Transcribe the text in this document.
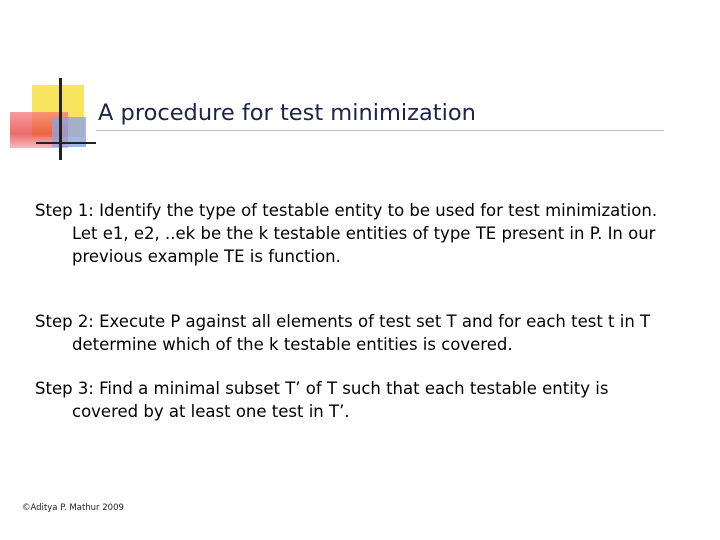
A procedure for test minimization

Step 1: Identify the type of testable entity to be used for test minimization. Let e1, e2, ..ek be the k testable entities of type TE present in P. In our previous example TE is function.

Step 2: Execute P against all elements of test set T and for each test t in T determine which of the k testable entities is covered.

Step 3: Find a minimal subset T’ of T such that each testable entity is covered by at least one test in T’.

©Aditya P. Mathur 2009
